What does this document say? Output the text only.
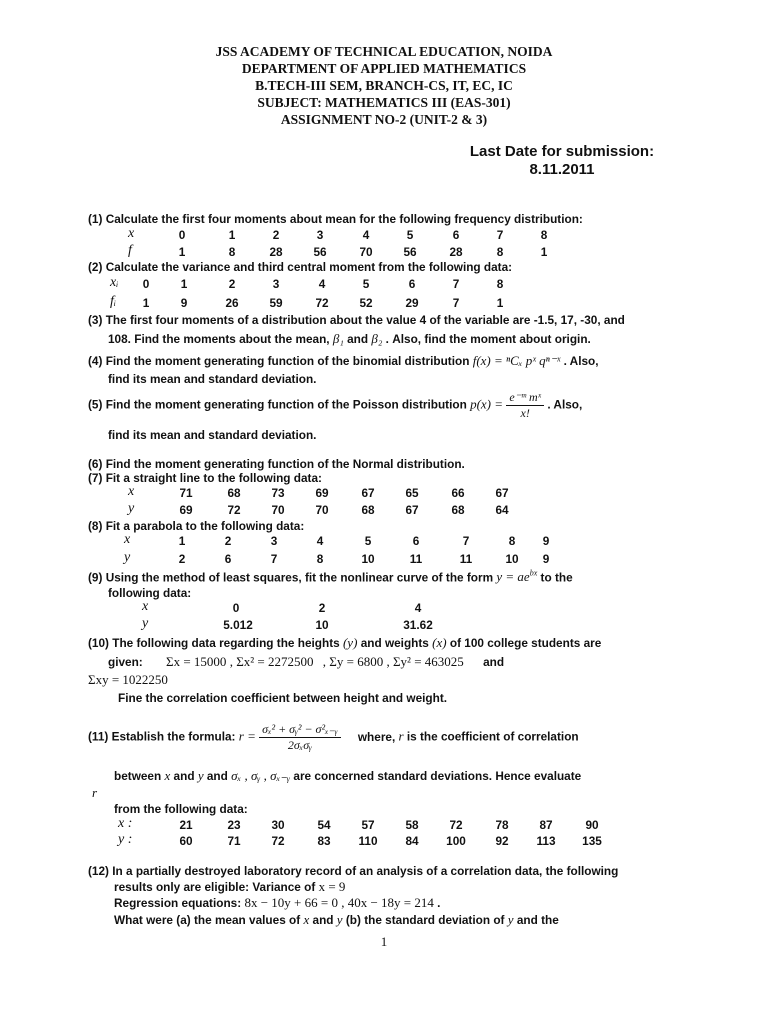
JSS ACADEMY OF TECHNICAL EDUCATION, NOIDA
DEPARTMENT OF APPLIED MATHEMATICS
B.TECH-III SEM, BRANCH-CS, IT, EC, IC
SUBJECT: MATHEMATICS III (EAS-301)
ASSIGNMENT NO-2 (UNIT-2 & 3)
Last Date for submission:
8.11.2011
(1) Calculate the first four moments about mean for the following frequency distribution:
x	0	1	2	3	4	5	6	7	8
f	1	8	28	56	70	56	28	8	1
(2) Calculate the variance and third central moment from the following data:
xᵢ	0	1	2	3	4	5	6	7	8
fᵢ	1	9	26	59	72	52	29	7	1
(3) The first four moments of a distribution about the value 4 of the variable are -1.5, 17, -30, and
108. Find the moments about the mean, β₁ and β₂ . Also, find the moment about origin.
(4) Find the moment generating function of the binomial distribution f(x) = ⁿCₓ pˣ qⁿ⁻ˣ . Also,
find its mean and standard deviation.
(5) Find the moment generating function of the Poisson distribution $p(x) = \frac{\text{e⁻ᵐ mˣ}}{x!}$ . Also,
find its mean and standard deviation.
(6) Find the moment generating function of the Normal distribution.
(7) Fit a straight line to the following data:
x	71	68	73	69	67	65	66	67
y	69	72	70	70	68	67	68	64
(8) Fit a parabola to the following data:
x	1	2	3	4	5	6	7	8	9
y	2	6	7	8	10	11	11	10	9
(9) Using the method of least squares, fit the nonlinear curve of the form $y = ae^{bx}$ to the
following data:
x	0	2	4
y	5.012	10	31.62
(10) The following data regarding the heights (y) and weights (x) of 100 college students are
given: Σx = 15000 , Σx² = 2272500 , Σy = 6800 , Σy² = 463025 and
Σxy = 1022250
Fine the correlation coefficient between height and weight.
(11) Establish the formula: $r = \frac{\text{σₓ² + σᵧ² − σ²ₓ₋ᵧ}}{\text{2σₓσᵧ}}$ where, r is the coefficient of correlation
between x and y and σₓ , σᵧ , σₓ₋ᵧ are concerned standard deviations. Hence evaluate
r
from the following data:
x :	21	23	30	54	57	58	72	78	87	90
y :	60	71	72	83	110	84	100	92	113	135
(12) In a partially destroyed laboratory record of an analysis of a correlation data, the following
results only are eligible: Variance of x = 9
Regression equations: 8x − 10y + 66 = 0 , 40x − 18y = 214 .
What were (a) the mean values of x and y (b) the standard deviation of y and the
1
